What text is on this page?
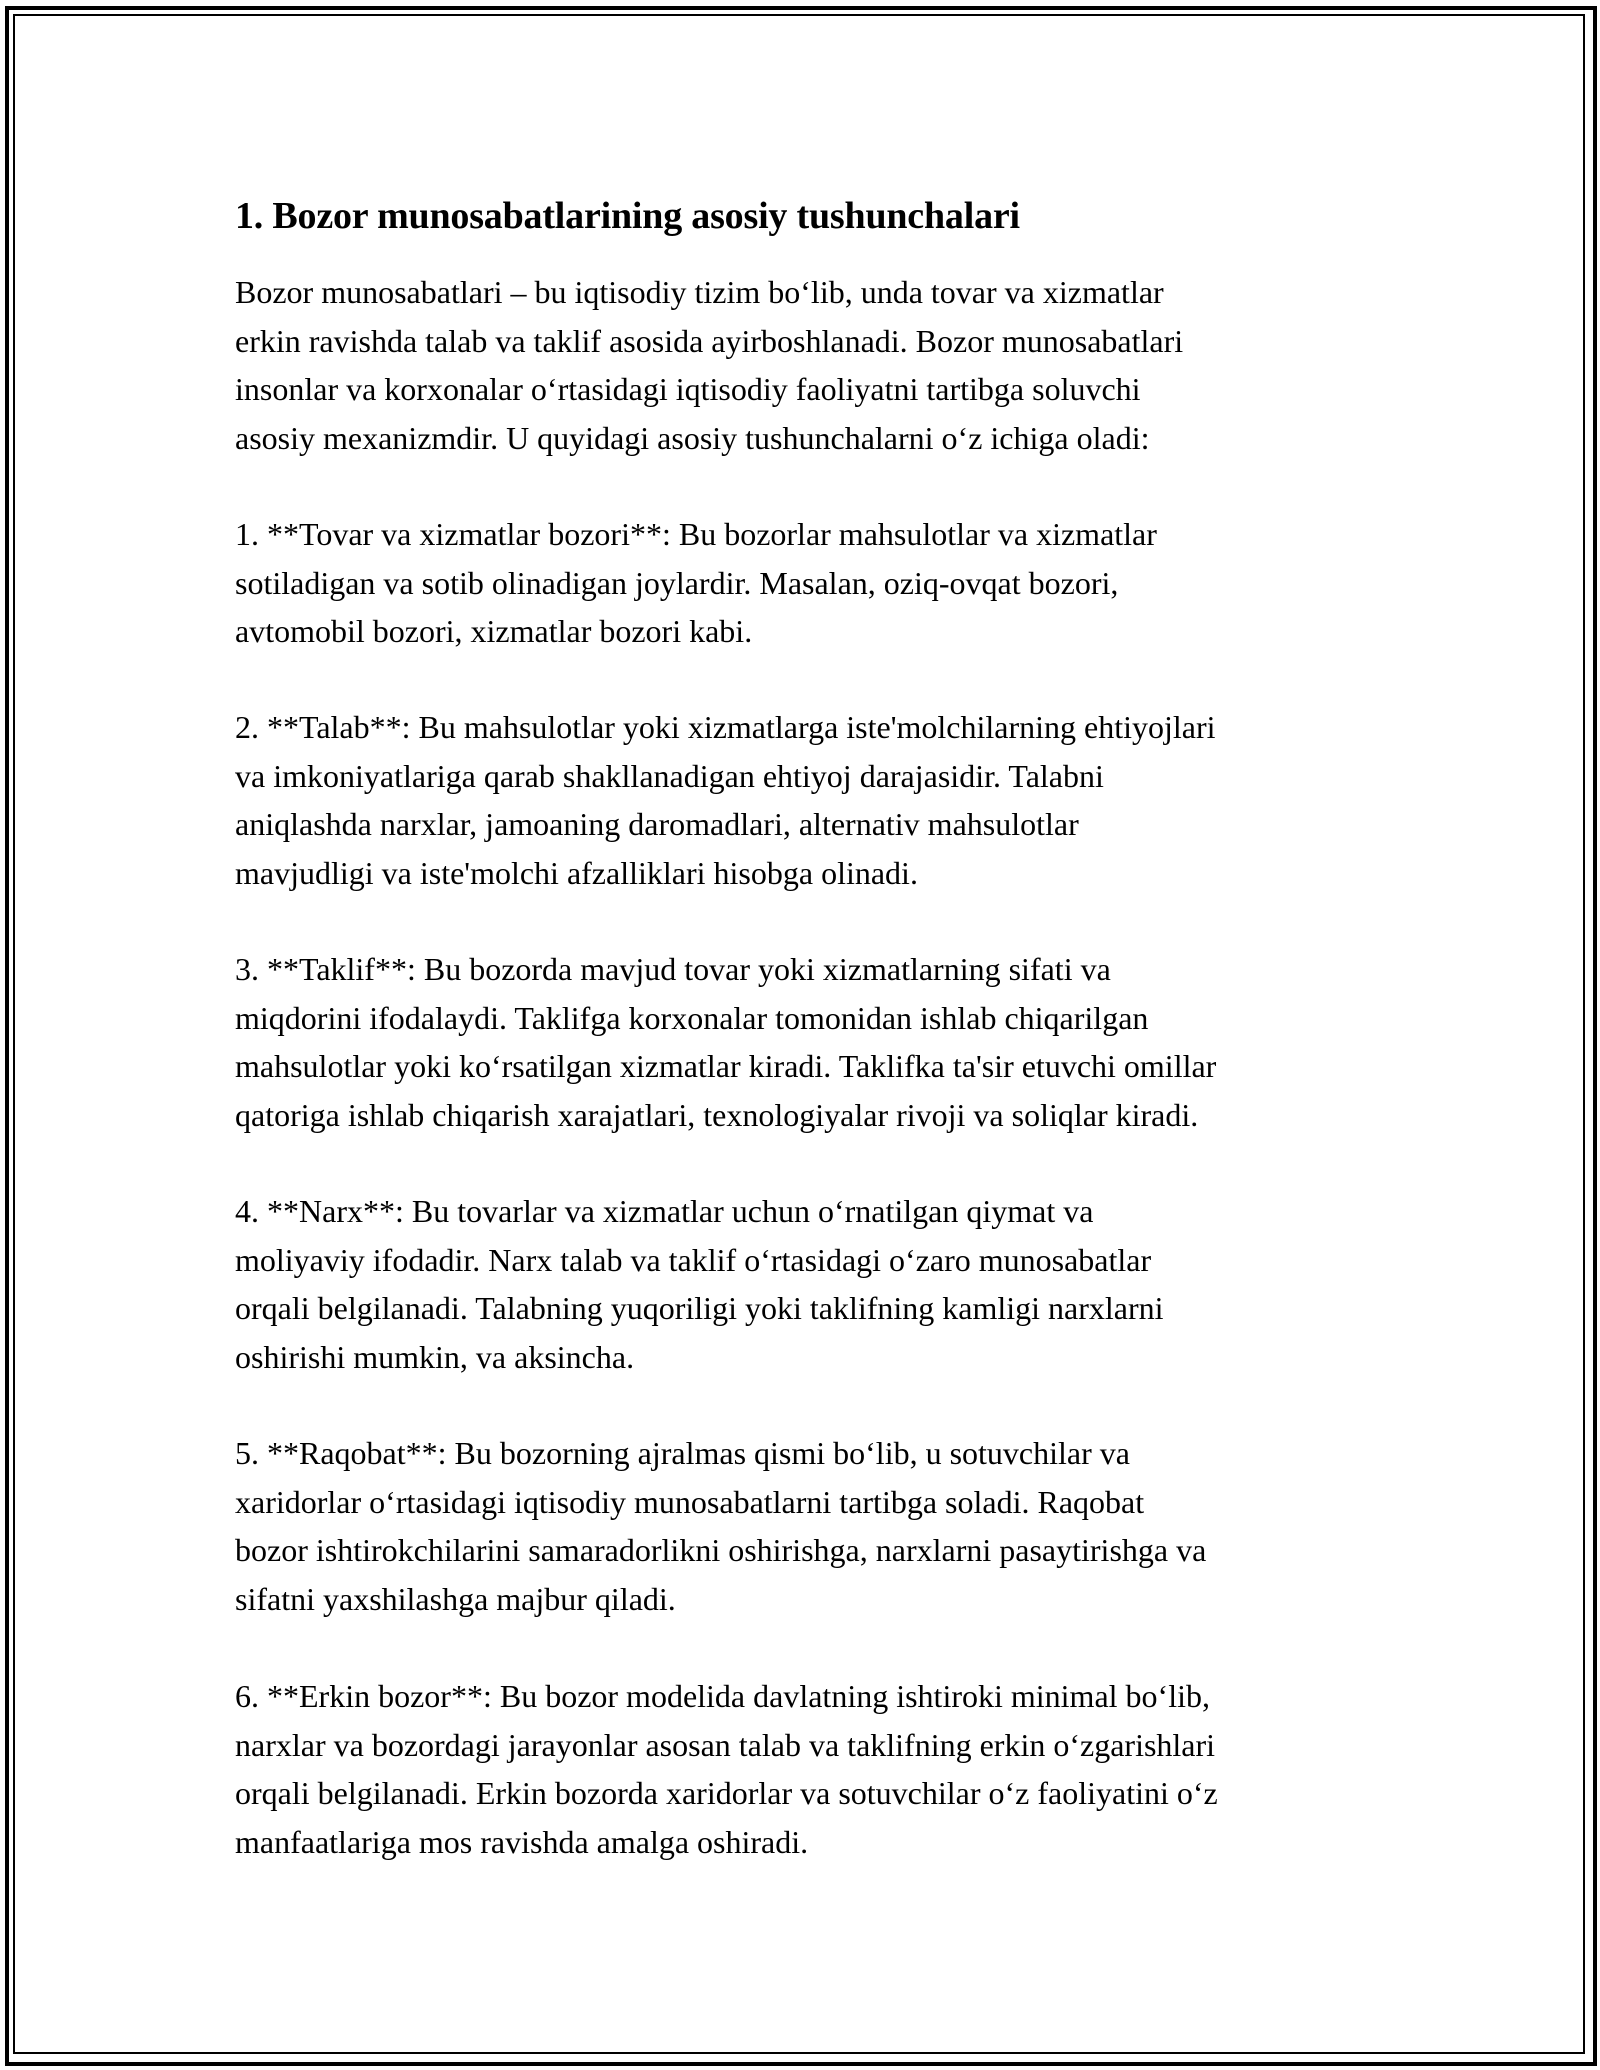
1. Bozor munosabatlarining asosiy tushunchalari
Bozor munosabatlari – bu iqtisodiy tizim bo‘lib, unda tovar va xizmatlar
erkin ravishda talab va taklif asosida ayirboshlanadi. Bozor munosabatlari
insonlar va korxonalar o‘rtasidagi iqtisodiy faoliyatni tartibga soluvchi
asosiy mexanizmdir. U quyidagi asosiy tushunchalarni o‘z ichiga oladi:
1. **Tovar va xizmatlar bozori**: Bu bozorlar mahsulotlar va xizmatlar
sotiladigan va sotib olinadigan joylardir. Masalan, oziq-ovqat bozori,
avtomobil bozori, xizmatlar bozori kabi.
2. **Talab**: Bu mahsulotlar yoki xizmatlarga iste'molchilarning ehtiyojlari
va imkoniyatlariga qarab shakllanadigan ehtiyoj darajasidir. Talabni
aniqlashda narxlar, jamoaning daromadlari, alternativ mahsulotlar
mavjudligi va iste'molchi afzalliklari hisobga olinadi.
3. **Taklif**: Bu bozorda mavjud tovar yoki xizmatlarning sifati va
miqdorini ifodalaydi. Taklifga korxonalar tomonidan ishlab chiqarilgan
mahsulotlar yoki ko‘rsatilgan xizmatlar kiradi. Taklifka ta'sir etuvchi omillar
qatoriga ishlab chiqarish xarajatlari, texnologiyalar rivoji va soliqlar kiradi.
4. **Narx**: Bu tovarlar va xizmatlar uchun o‘rnatilgan qiymat va
moliyaviy ifodadir. Narx talab va taklif o‘rtasidagi o‘zaro munosabatlar
orqali belgilanadi. Talabning yuqoriligi yoki taklifning kamligi narxlarni
oshirishi mumkin, va aksincha.
5. **Raqobat**: Bu bozorning ajralmas qismi bo‘lib, u sotuvchilar va
xaridorlar o‘rtasidagi iqtisodiy munosabatlarni tartibga soladi. Raqobat
bozor ishtirokchilarini samaradorlikni oshirishga, narxlarni pasaytirishga va
sifatni yaxshilashga majbur qiladi.
6. **Erkin bozor**: Bu bozor modelida davlatning ishtiroki minimal bo‘lib,
narxlar va bozordagi jarayonlar asosan talab va taklifning erkin o‘zgarishlari
orqali belgilanadi. Erkin bozorda xaridorlar va sotuvchilar o‘z faoliyatini o‘z
manfaatlariga mos ravishda amalga oshiradi.
